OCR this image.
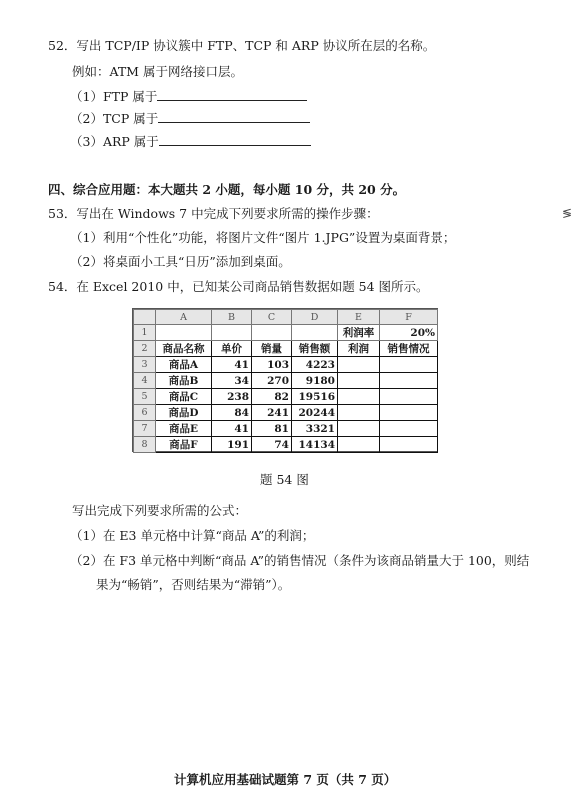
52．写出 TCP/IP 协议簇中 FTP、TCP 和 ARP 协议所在层的名称。
例如：ATM 属于网络接口层。
（1）FTP 属于
（2）TCP 属于
（3）ARP 属于
四、综合应用题：本大题共 2 小题，每小题 10 分，共 20 分。
53．写出在 Windows 7 中完成下列要求所需的操作步骤：
（1）利用“个性化”功能，将图片文件“图片 1.JPG”设置为桌面背景；
（2）将桌面小工具“日历”添加到桌面。
54．在 Excel 2010 中，已知某公司商品销售数据如题 54 图所示。
	A	B	C	D	E	F
1					利润率	20%
2	商品名称	单价	销量	销售额	利润	销售情况
3	商品A	41	103	4223		
4	商品B	34	270	9180		
5	商品C	238	82	19516		
6	商品D	84	241	20244		
7	商品E	41	81	3321		
8	商品F	191	74	14134		
题 54 图
写出完成下列要求所需的公式：
（1）在 E3 单元格中计算“商品 A”的利润；
（2）在 F3 单元格中判断“商品 A”的销售情况（条件为该商品销量大于 100，则结
果为“畅销”，否则结果为“滞销”）。
≶
计算机应用基础试题第 7 页（共 7 页）
